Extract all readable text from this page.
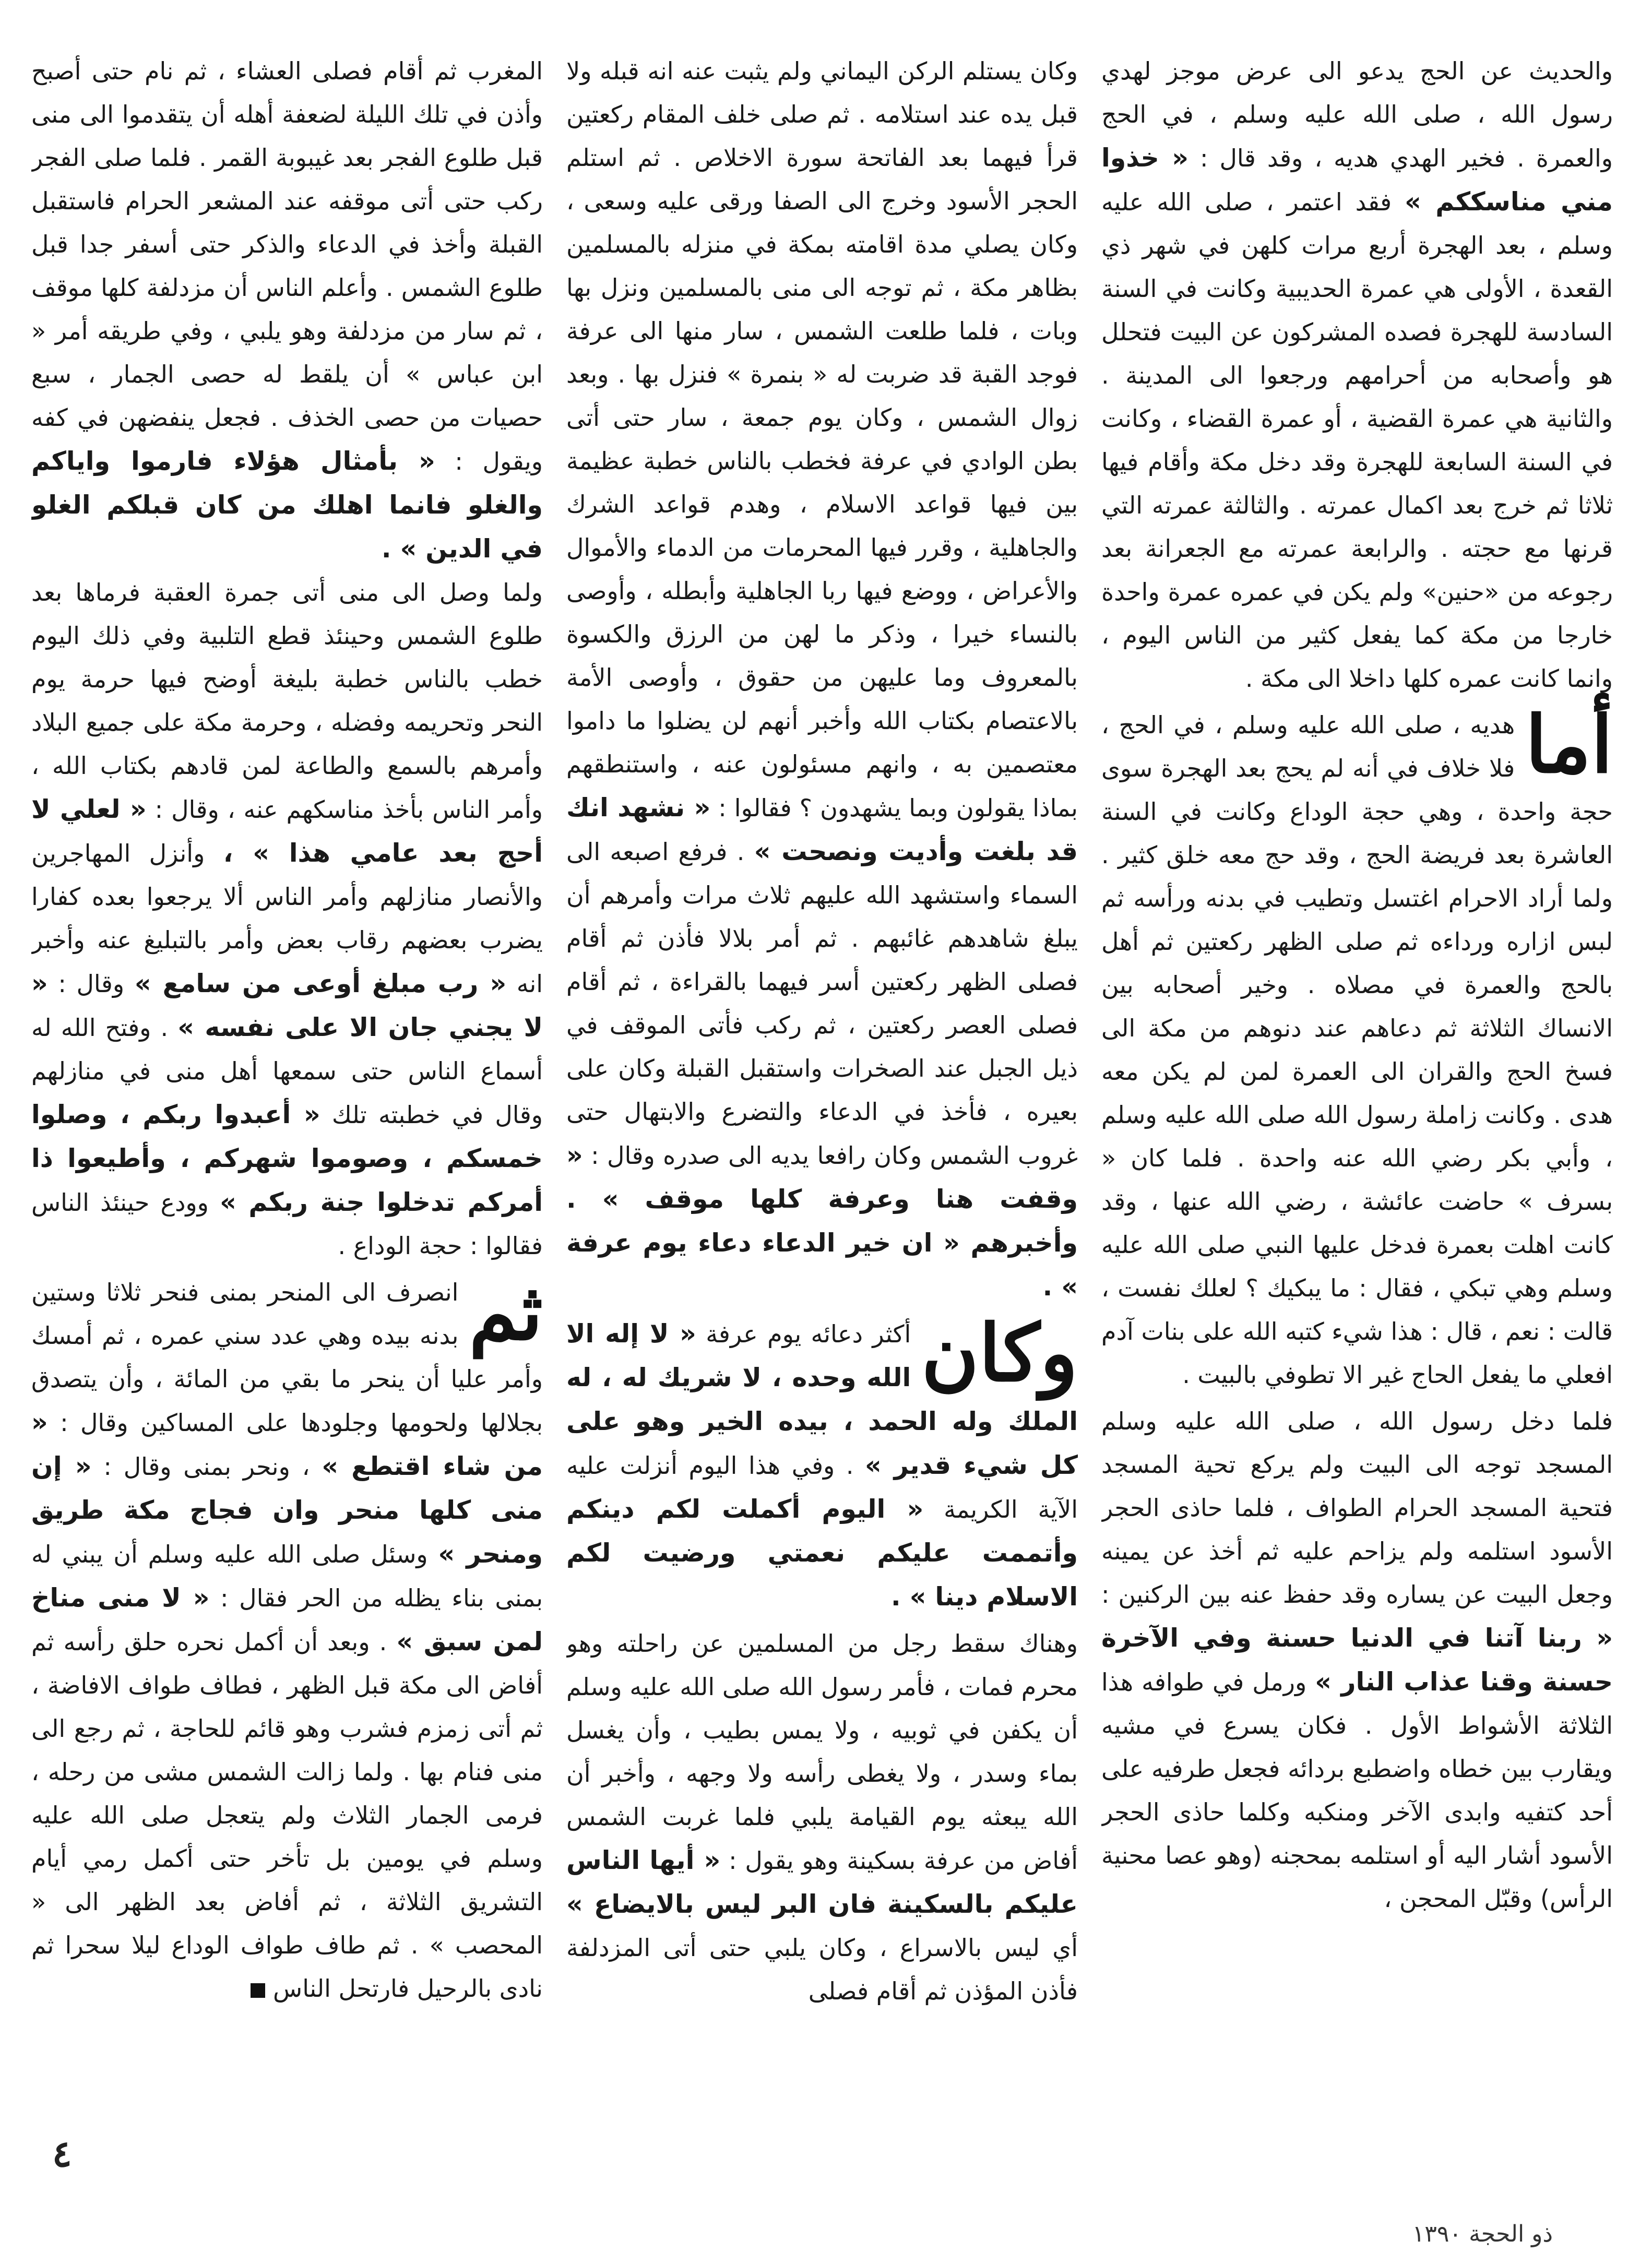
والحديث عن الحج يدعو الى عرض موجز لهدي رسول الله ، صلى الله عليه وسلم ، في الحج والعمرة . فخير الهدي هديه ، وقد قال : « خذوا مني مناسككم » فقد اعتمر ، صلى الله عليه وسلم ، بعد الهجرة أربع مرات كلهن في شهر ذي القعدة ، الأولى هي عمرة الحديبية وكانت في السنة السادسة للهجرة فصده المشركون عن البيت فتحلل هو وأصحابه من أحرامهم ورجعوا الى المدينة . والثانية هي عمرة القضية ، أو عمرة القضاء ، وكانت في السنة السابعة للهجرة وقد دخل مكة وأقام فيها ثلاثا ثم خرج بعد اكمال عمرته . والثالثة عمرته التي قرنها مع حجته . والرابعة عمرته مع الجعرانة بعد رجوعه من «حنين» ولم يكن في عمره عمرة واحدة خارجا من مكة كما يفعل كثير من الناس اليوم ، وانما كانت عمره كلها داخلا الى مكة .

أما
هديه ، صلى الله عليه وسلم ، في الحج ، فلا خلاف في أنه لم يحج بعد الهجرة سوى حجة واحدة ، وهي حجة الوداع وكانت في السنة العاشرة بعد فريضة الحج ، وقد حج معه خلق كثير . ولما أراد الاحرام اغتسل وتطيب في بدنه ورأسه ثم لبس ازاره ورداءه ثم صلى الظهر ركعتين ثم أهل بالحج والعمرة في مصلاه . وخير أصحابه بين الانساك الثلاثة ثم دعاهم عند دنوهم من مكة الى فسخ الحج والقران الى العمرة لمن لم يكن معه هدى . وكانت زاملة رسول الله صلى الله عليه وسلم ، وأبي بكر رضي الله عنه واحدة . فلما كان « بسرف » حاضت عائشة ، رضي الله عنها ، وقد كانت اهلت بعمرة فدخل عليها النبي صلى الله عليه وسلم وهي تبكي ، فقال : ما يبكيك ؟ لعلك نفست ، قالت : نعم ، قال : هذا شيء كتبه الله على بنات آدم افعلي ما يفعل الحاج غير الا تطوفي بالبيت .

فلما دخل رسول الله ، صلى الله عليه وسلم المسجد توجه الى البيت ولم يركع تحية المسجد فتحية المسجد الحرام الطواف ، فلما حاذى الحجر الأسود استلمه ولم يزاحم عليه ثم أخذ عن يمينه وجعل البيت عن يساره وقد حفظ عنه بين الركنين : « ربنا آتنا في الدنيا حسنة وفي الآخرة حسنة وقنا عذاب النار » ورمل في طوافه هذا الثلاثة الأشواط الأول . فكان يسرع في مشيه ويقارب بين خطاه واضطبع بردائه فجعل طرفيه على أحد كتفيه وابدى الآخر ومنكبه وكلما حاذى الحجر الأسود أشار اليه أو استلمه بمحجنه (وهو عصا محنية الرأس) وقبّل المحجن ،

وكان يستلم الركن اليماني ولم يثبت عنه انه قبله ولا قبل يده عند استلامه . ثم صلى خلف المقام ركعتين قرأ فيهما بعد الفاتحة سورة الاخلاص . ثم استلم الحجر الأسود وخرج الى الصفا ورقى عليه وسعى ، وكان يصلي مدة اقامته بمكة في منزله بالمسلمين بظاهر مكة ، ثم توجه الى منى بالمسلمين ونزل بها وبات ، فلما طلعت الشمس ، سار منها الى عرفة فوجد القبة قد ضربت له « بنمرة » فنزل بها . وبعد زوال الشمس ، وكان يوم جمعة ، سار حتى أتى بطن الوادي في عرفة فخطب بالناس خطبة عظيمة بين فيها قواعد الاسلام ، وهدم قواعد الشرك والجاهلية ، وقرر فيها المحرمات من الدماء والأموال والأعراض ، ووضع فيها ربا الجاهلية وأبطله ، وأوصى بالنساء خيرا ، وذكر ما لهن من الرزق والكسوة بالمعروف وما عليهن من حقوق ، وأوصى الأمة بالاعتصام بكتاب الله وأخبر أنهم لن يضلوا ما داموا معتصمين به ، وانهم مسئولون عنه ، واستنطقهم بماذا يقولون وبما يشهدون ؟ فقالوا : « نشهد انك قد بلغت وأديت ونصحت » . فرفع اصبعه الى السماء واستشهد الله عليهم ثلاث مرات وأمرهم أن يبلغ شاهدهم غائبهم . ثم أمر بلالا فأذن ثم أقام فصلى الظهر ركعتين أسر فيهما بالقراءة ، ثم أقام فصلى العصر ركعتين ، ثم ركب فأتى الموقف في ذيل الجبل عند الصخرات واستقبل القبلة وكان على بعيره ، فأخذ في الدعاء والتضرع والابتهال حتى غروب الشمس وكان رافعا يديه الى صدره وقال : « وقفت هنا وعرفة كلها موقف » . وأخبرهم « ان خير الدعاء دعاء يوم عرفة » .

وكان
أكثر دعائه يوم عرفة « لا إله الا الله وحده ، لا شريك له ، له الملك وله الحمد ، بيده الخير وهو على كل شيء قدير » . وفي هذا اليوم أنزلت عليه الآية الكريمة « اليوم أكملت لكم دينكم وأتممت عليكم نعمتي ورضيت لكم الاسلام دينا » .

وهناك سقط رجل من المسلمين عن راحلته وهو محرم فمات ، فأمر رسول الله صلى الله عليه وسلم أن يكفن في ثوبيه ، ولا يمس بطيب ، وأن يغسل بماء وسدر ، ولا يغطى رأسه ولا وجهه ، وأخبر أن الله يبعثه يوم القيامة يلبي فلما غربت الشمس أفاض من عرفة بسكينة وهو يقول : « أيها الناس عليكم بالسكينة فان البر ليس بالايضاع » أي ليس بالاسراع ، وكان يلبي حتى أتى المزدلفة فأذن المؤذن ثم أقام فصلى

المغرب ثم أقام فصلى العشاء ، ثم نام حتى أصبح وأذن في تلك الليلة لضعفة أهله أن يتقدموا الى منى قبل طلوع الفجر بعد غيبوبة القمر . فلما صلى الفجر ركب حتى أتى موقفه عند المشعر الحرام فاستقبل القبلة وأخذ في الدعاء والذكر حتى أسفر جدا قبل طلوع الشمس . وأعلم الناس أن مزدلفة كلها موقف ، ثم سار من مزدلفة وهو يلبي ، وفي طريقه أمر « ابن عباس » أن يلقط له حصى الجمار ، سبع حصيات من حصى الخذف . فجعل ينفضهن في كفه ويقول : « بأمثال هؤلاء فارموا واياكم والغلو فانما اهلك من كان قبلكم الغلو في الدين » .

ولما وصل الى منى أتى جمرة العقبة فرماها بعد طلوع الشمس وحينئذ قطع التلبية وفي ذلك اليوم خطب بالناس خطبة بليغة أوضح فيها حرمة يوم النحر وتحريمه وفضله ، وحرمة مكة على جميع البلاد وأمرهم بالسمع والطاعة لمن قادهم بكتاب الله ، وأمر الناس بأخذ مناسكهم عنه ، وقال : « لعلي لا أحج بعد عامي هذا » ، وأنزل المهاجرين والأنصار منازلهم وأمر الناس ألا يرجعوا بعده كفارا يضرب بعضهم رقاب بعض وأمر بالتبليغ عنه وأخبر انه « رب مبلغ أوعى من سامع » وقال : « لا يجني جان الا على نفسه » . وفتح الله له أسماع الناس حتى سمعها أهل منى في منازلهم وقال في خطبته تلك « أعبدوا ربكم ، وصلوا خمسكم ، وصوموا شهركم ، وأطيعوا ذا أمركم تدخلوا جنة ربكم » وودع حينئذ الناس فقالوا : حجة الوداع .

ثم
انصرف الى المنحر بمنى فنحر ثلاثا وستين بدنه بيده وهي عدد سني عمره ، ثم أمسك وأمر عليا أن ينحر ما بقي من المائة ، وأن يتصدق بجلالها ولحومها وجلودها على المساكين وقال : « من شاء اقتطع » ، ونحر بمنى وقال : « إن منى كلها منحر وان فجاج مكة طريق ومنحر » وسئل صلى الله عليه وسلم أن يبني له بمنى بناء يظله من الحر فقال : « لا منى مناخ لمن سبق » . وبعد أن أكمل نحره حلق رأسه ثم أفاض الى مكة قبل الظهر ، فطاف طواف الافاضة ، ثم أتى زمزم فشرب وهو قائم للحاجة ، ثم رجع الى منى فنام بها . ولما زالت الشمس مشى من رحله ، فرمى الجمار الثلاث ولم يتعجل صلى الله عليه وسلم في يومين بل تأخر حتى أكمل رمي أيام التشريق الثلاثة ، ثم أفاض بعد الظهر الى « المحصب » . ثم طاف طواف الوداع ليلا سحرا ثم نادى بالرحيل فارتحل الناس
٤
ذو الحجة ١٣٩٠
